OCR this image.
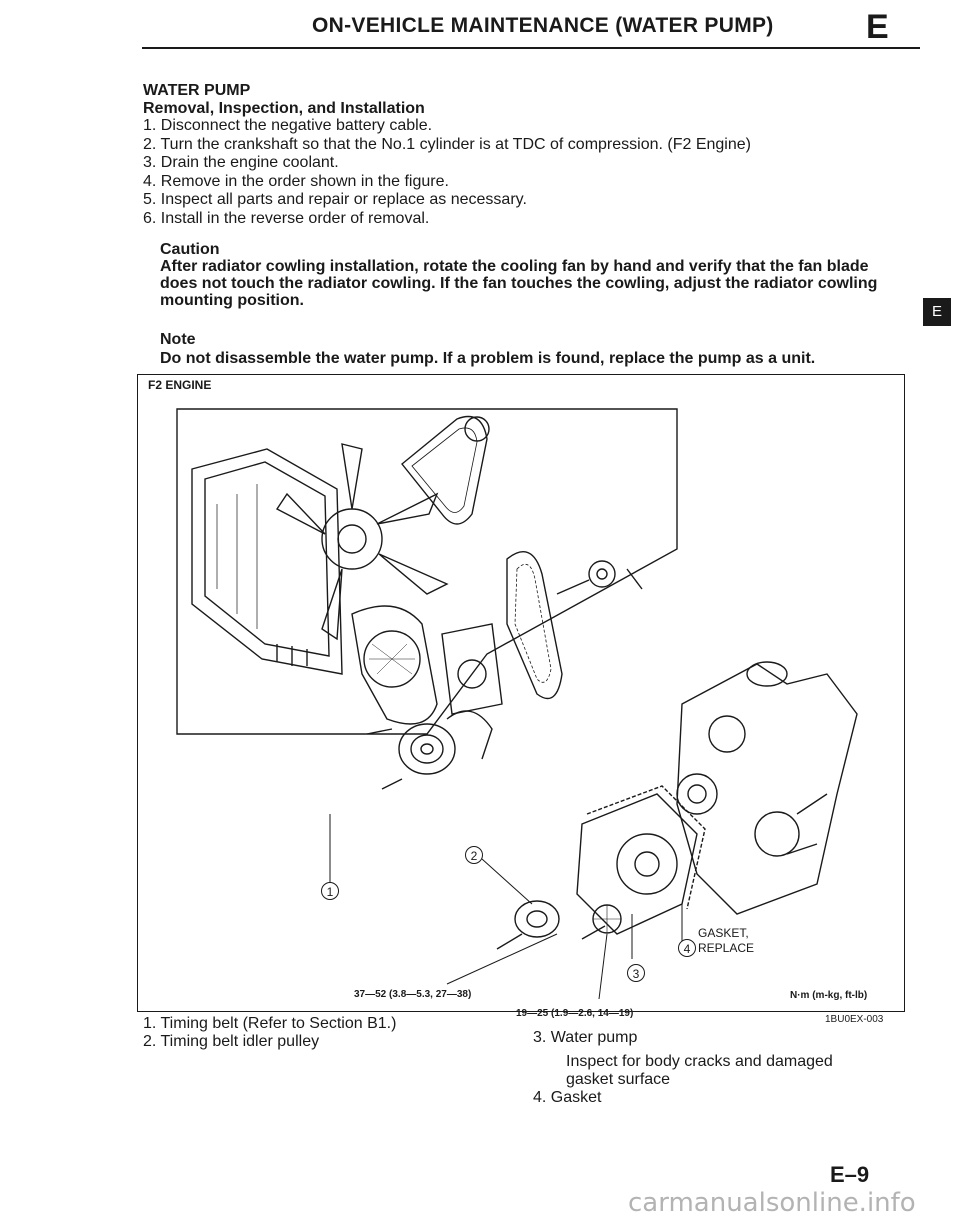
ON-VEHICLE MAINTENANCE (WATER PUMP)	E
WATER PUMP
Removal, Inspection, and Installation
1. Disconnect the negative battery cable.
2. Turn the crankshaft so that the No.1 cylinder is at TDC of compression. (F2 Engine)
3. Drain the engine coolant.
4. Remove in the order shown in the figure.
5. Inspect all parts and repair or replace as necessary.
6. Install in the reverse order of removal.
Caution
After radiator cowling installation, rotate the cooling fan by hand and verify that the fan blade does not touch the radiator cowling. If the fan touches the cowling, adjust the radiator cowling mounting position.
Note
Do not disassemble the water pump. If a problem is found, replace the pump as a unit.
E
F2 ENGINE
1
2
3
4
GASKET,
REPLACE
37—52 (3.8—5.3, 27—38)
19—25 (1.9—2.6, 14—19)
N·m (m-kg, ft-lb)
1BU0EX-003
1. Timing belt (Refer to Section B1.)
2. Timing belt idler pulley	3. Water pump
Inspect for body cracks and damaged
gasket surface
4. Gasket
E–9
carmanualsonline.info
